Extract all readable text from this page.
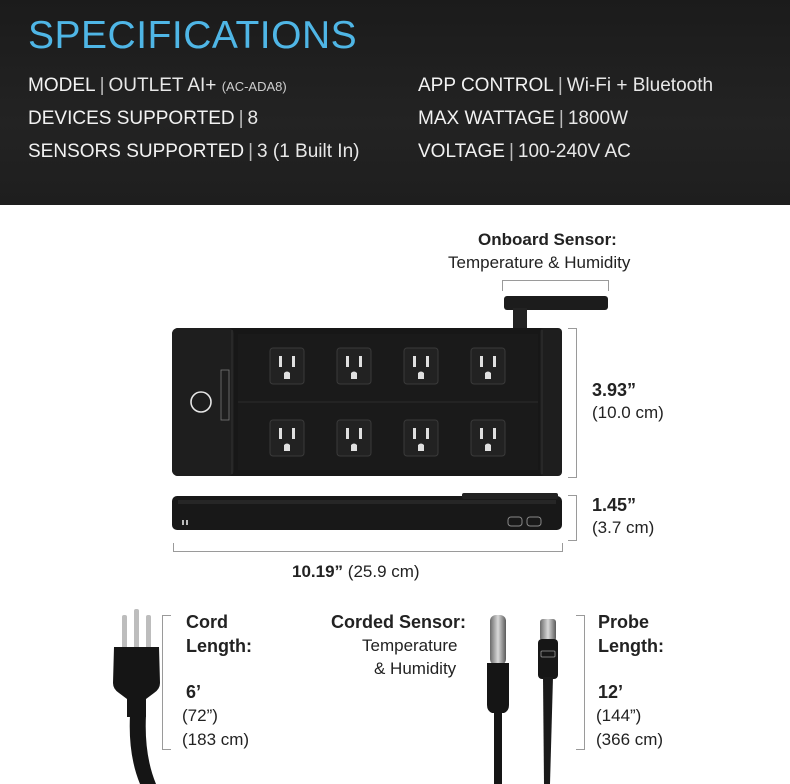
SPECIFICATIONS
MODEL | OUTLET AI+ (AC-ADA8)
DEVICES SUPPORTED | 8
SENSORS SUPPORTED | 3 (1 Built In)
APP CONTROL | Wi-Fi + Bluetooth
MAX WATTAGE | 1800W
VOLTAGE | 100-240V AC
Onboard Sensor:
Temperature & Humidity
3.93”
(10.0 cm)
1.45”
(3.7 cm)
10.19” (25.9 cm)
Cord
Length:
6’
(72”)
(183 cm)
Corded Sensor:
Temperature
& Humidity
Probe
Length:
12’
(144”)
(366 cm)
